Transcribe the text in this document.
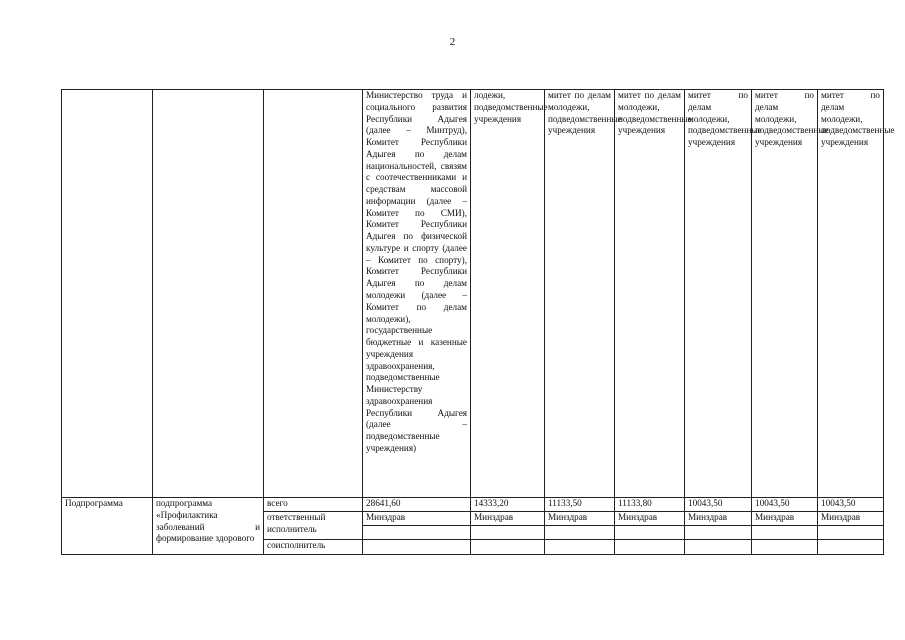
2
			Министерство труда и социального развития Республики Адыгея (далее – Минтруд), Комитет Республики Адыгея по делам национальностей, связям с соотечественниками и средствам массовой информации (далее – Комитет по СМИ), Комитет Республики Адыгея по физической культуре и спорту (далее – Комитет по спорту), Комитет Республики Адыгея по делам молодежи (далее – Комитет по делам молодежи), государственные бюджетные и казенные учреждения здравоохранения, подведомственные Министерству здравоохранения Республики Адыгея (далее – подведомственные учреждения)	лодежи, подведомственные учреждения	митет по делам молодежи, подведомственные учреждения	митет по делам молодежи, подведомственные учреждения	митет по делам молодежи, подведомственные учреждения	митет по делам молодежи, подведомственные учреждения	митет по делам молодежи, подведомственные учреждения
Подпрограмма	подпрограмма «Профилактика заболеваний и формирование здорового	всего	28641,60	14333,20	11133,50	11133,80	10043,50	10043,50	10043,50
		ответственный исполнитель	Минздрав	Минздрав	Минздрав	Минздрав	Минздрав	Минздрав	Минздрав

		соисполнитель							
